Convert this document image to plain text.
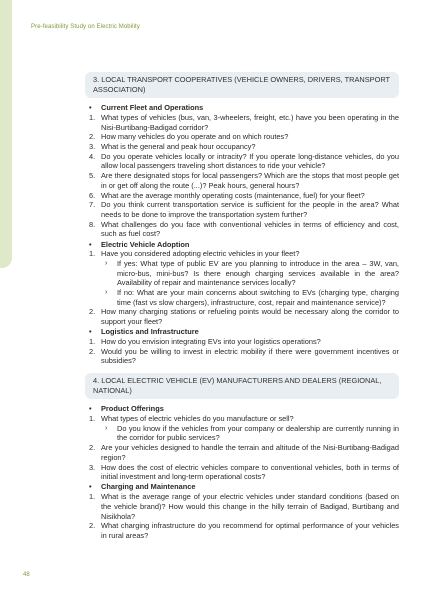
Pre-feasibility Study on Electric Mobility
3. LOCAL TRANSPORT COOPERATIVES (VEHICLE OWNERS, DRIVERS, TRANSPORT ASSOCIATION)
• Current Fleet and Operations
1. What types of vehicles (bus, van, 3-wheelers, freight, etc.) have you been operating in the Nisi-Burtibang-Badigad corridor?
2. How many vehicles do you operate and on which routes?
3. What is the general and peak hour occupancy?
4. Do you operate vehicles locally or intracity? If you operate long-distance vehicles, do you allow local passengers traveling short distances to ride your vehicle?
5. Are there designated stops for local passengers? Which are the stops that most people get in or get off along the route (...)? Peak hours, general hours?
6. What are the average monthly operating costs (maintenance, fuel) for your fleet?
7. Do you think current transportation service is sufficient for the people in the area? What needs to be done to improve the transportation system further?
8. What challenges do you face with conventional vehicles in terms of efficiency and cost, such as fuel cost?
• Electric Vehicle Adoption
1. Have you considered adopting electric vehicles in your fleet?
› If yes: What type of public EV are you planning to introduce in the area – 3W, van, micro-bus, mini-bus? Is there enough charging services available in the area? Availability of repair and maintenance services locally?
› If no: What are your main concerns about switching to EVs (charging type, charging time (fast vs slow chargers), infrastructure, cost, repair and maintenance service)?
2. How many charging stations or refueling points would be necessary along the corridor to support your fleet?
• Logistics and Infrastructure
1. How do you envision integrating EVs into your logistics operations?
2. Would you be willing to invest in electric mobility if there were government incentives or subsidies?
4. LOCAL ELECTRIC VEHICLE (EV) MANUFACTURERS AND DEALERS (REGIONAL, NATIONAL)
• Product Offerings
1. What types of electric vehicles do you manufacture or sell?
› Do you know if the vehicles from your company or dealership are currently running in the corridor for public services?
2. Are your vehicles designed to handle the terrain and altitude of the Nisi-Burtibang-Badigad region?
3. How does the cost of electric vehicles compare to conventional vehicles, both in terms of initial investment and long-term operational costs?
• Charging and Maintenance
1. What is the average range of your electric vehicles under standard conditions (based on the vehicle brand)? How would this change in the hilly terrain of Badigad, Burtibang and Nisikhola?
2. What charging infrastructure do you recommend for optimal performance of your vehicles in rural areas?
48
